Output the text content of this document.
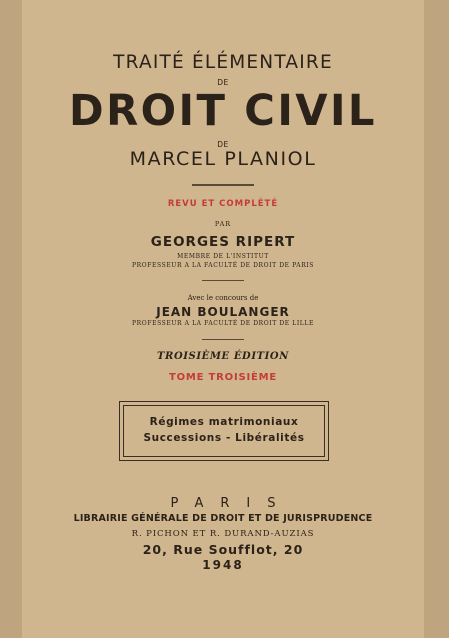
TRAITÉ ÉLÉMENTAIRE
DE
DROIT CIVIL
DE
MARCEL PLANIOL
REVU ET COMPLÉTÉ
PAR
GEORGES RIPERT
MEMBRE DE L'INSTITUT
PROFESSEUR A LA FACULTÉ DE DROIT DE PARIS
Avec le concours de
JEAN BOULANGER
PROFESSEUR A LA FACULTÉ DE DROIT DE LILLE
TROISIÈME ÉDITION
TOME TROISIÈME
Régimes matrimoniaux
Successions - Libéralités
PARIS
LIBRAIRIE GÉNÉRALE DE DROIT ET DE JURISPRUDENCE
R. PICHON ET R. DURAND-AUZIAS
20, Rue Soufflot, 20
1948
